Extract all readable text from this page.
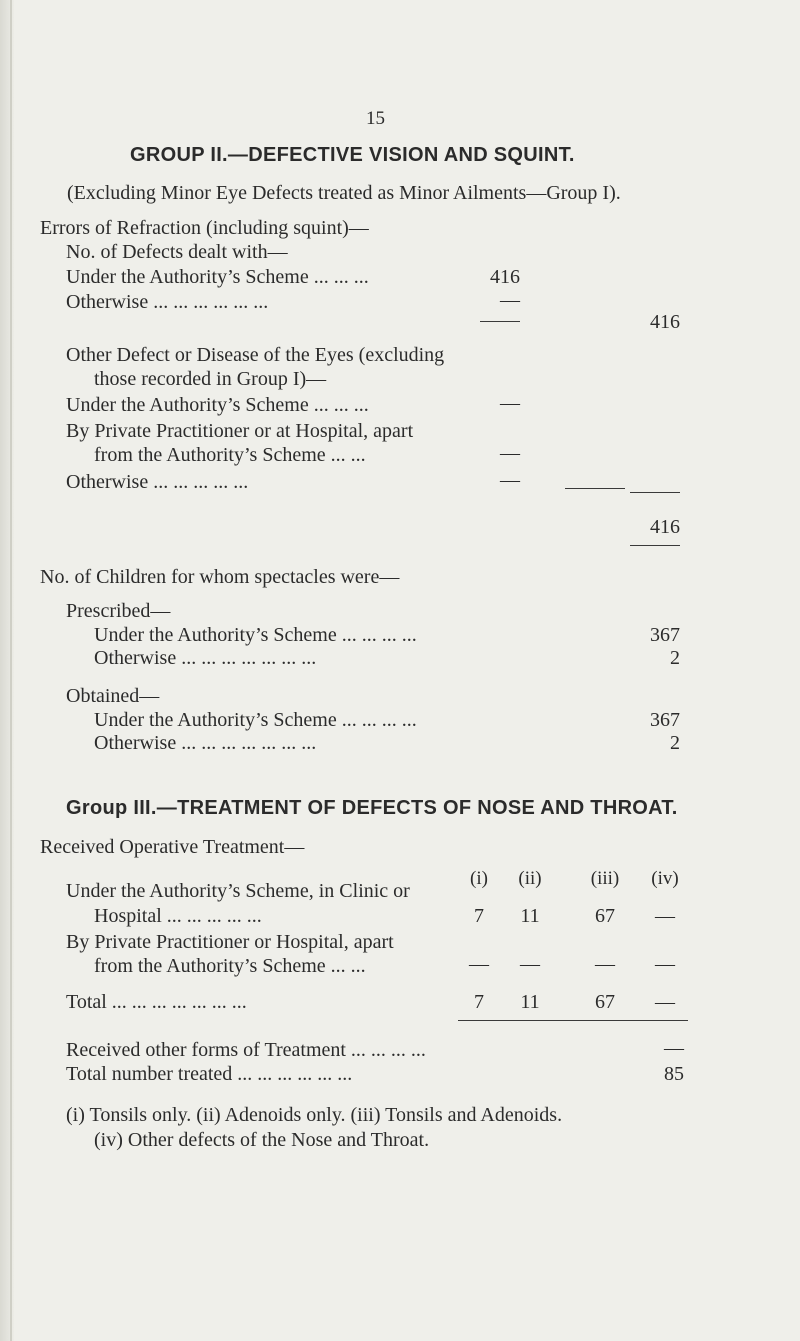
15
GROUP II.—DEFECTIVE VISION AND SQUINT.
(Excluding Minor Eye Defects treated as Minor Ailments—Group I).
Errors of Refraction (including squint)—
No. of Defects dealt with—
Under the Authority’s Scheme ... ... ...	416
Otherwise ... ... ... ... ... ...	—
416
Other Defect or Disease of the Eyes (excluding
those recorded in Group I)—
Under the Authority’s Scheme ... ... ...	—
By Private Practitioner or at Hospital, apart
from the Authority’s Scheme ... ...	—
Otherwise ... ... ... ... ...	—
416
No. of Children for whom spectacles were—
Prescribed—
Under the Authority’s Scheme ... ... ... ...	367
Otherwise ... ... ... ... ... ... ...	2
Obtained—
Under the Authority’s Scheme ... ... ... ...	367
Otherwise ... ... ... ... ... ... ...	2
Group III.—TREATMENT OF DEFECTS OF NOSE AND THROAT.
Received Operative Treatment—
(i)	(ii)	(iii)	(iv)
Under the Authority’s Scheme, in Clinic or
Hospital ... ... ... ... ...	7	11	67	—
By Private Practitioner or Hospital, apart
from the Authority’s Scheme ... ...	—	—	—	—
Total ... ... ... ... ... ... ...	7	11	67	—
Received other forms of Treatment ... ... ... ...	—
Total number treated ... ... ... ... ... ...	85
(i) Tonsils only. (ii) Adenoids only. (iii) Tonsils and Adenoids.
(iv) Other defects of the Nose and Throat.
